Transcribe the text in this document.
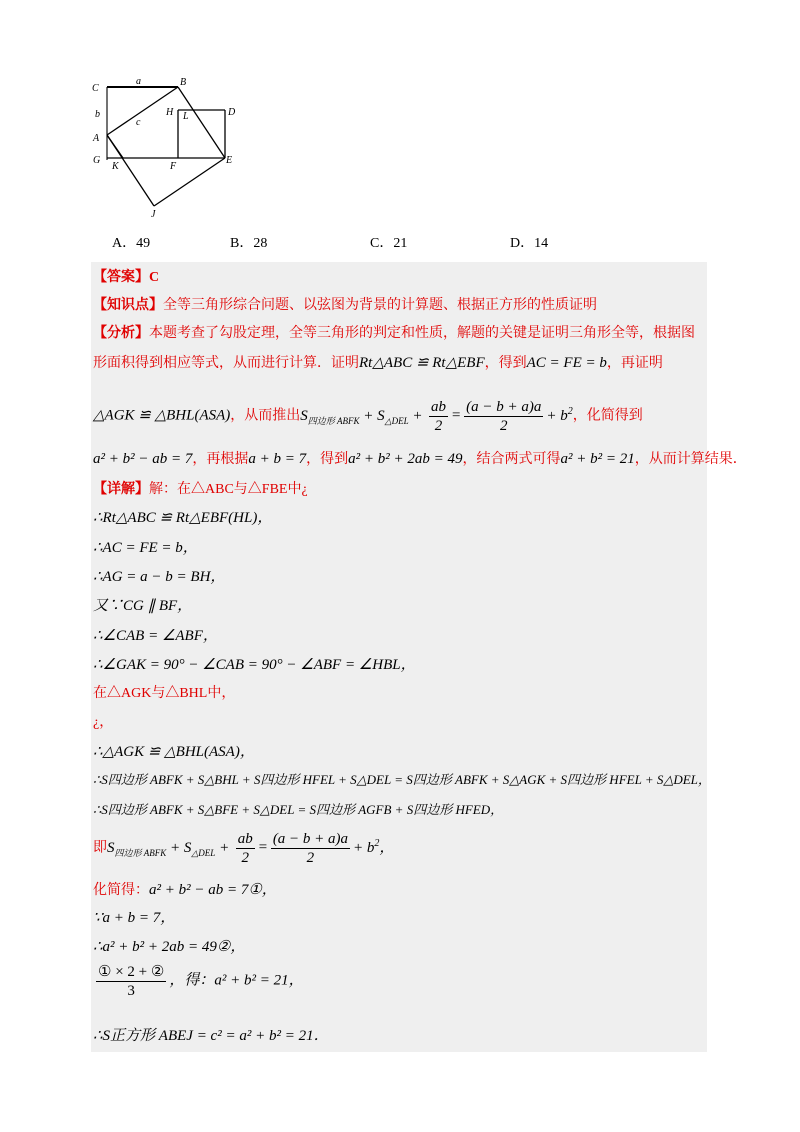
C
a	B
b	H L	D
c
A
G
K	F
E
J
A．49	B．28	C．21	D．14
【答案】C
【知识点】全等三角形综合问题、以弦图为背景的计算题、根据正方形的性质证明
【分析】本题考查了勾股定理，全等三角形的判定和性质，解题的关键是证明三角形全等，根据图
形面积得到相应等式，从而进行计算．证明Rt△ABC ≌ Rt△EBF，得到AC = FE = b，再证明
△AGK ≌ △BHL(ASA)，从而推出$S_{四边形 ABFK} + S_{\triangle DEL} + \frac{ab}{2} = \frac{(a - b + a)a}{2} + b^2$，化简得到
a² + b² − ab = 7，再根据a + b = 7，得到a² + b² + 2ab = 49，结合两式可得a² + b² = 21，从而计算结果．
【详解】解：在△ABC与△FBE中¿
∴Rt△ABC ≌ Rt△EBF(HL)，
∴AC = FE = b，
∴AG = a − b = BH，
又∵CG ∥ BF，
∴∠CAB = ∠ABF，
∴∠GAK = 90° − ∠CAB = 90° − ∠ABF = ∠HBL，
在△AGK与△BHL中，
¿，
∴△AGK ≌ △BHL(ASA)，
∴S四边形 ABFK + S△BHL + S四边形 HFEL + S△DEL = S四边形 ABFK + S△AGK + S四边形 HFEL + S△DEL，
∴S四边形 ABFK + S△BFE + S△DEL = S四边形 AGFB + S四边形 HFED，
即$S_{四边形 ABFK} + S_{\triangle DEL} + \frac{ab}{2} = \frac{(a - b + a)a}{2} + b^2$，
化简得：a² + b² − ab = 7①，
∵a + b = 7，
∴a² + b² + 2ab = 49②，
$\frac{\text{① × 2 + ②}}{3}$ ，得：a² + b² = 21，
∴S正方形 ABEJ = c² = a² + b² = 21．
